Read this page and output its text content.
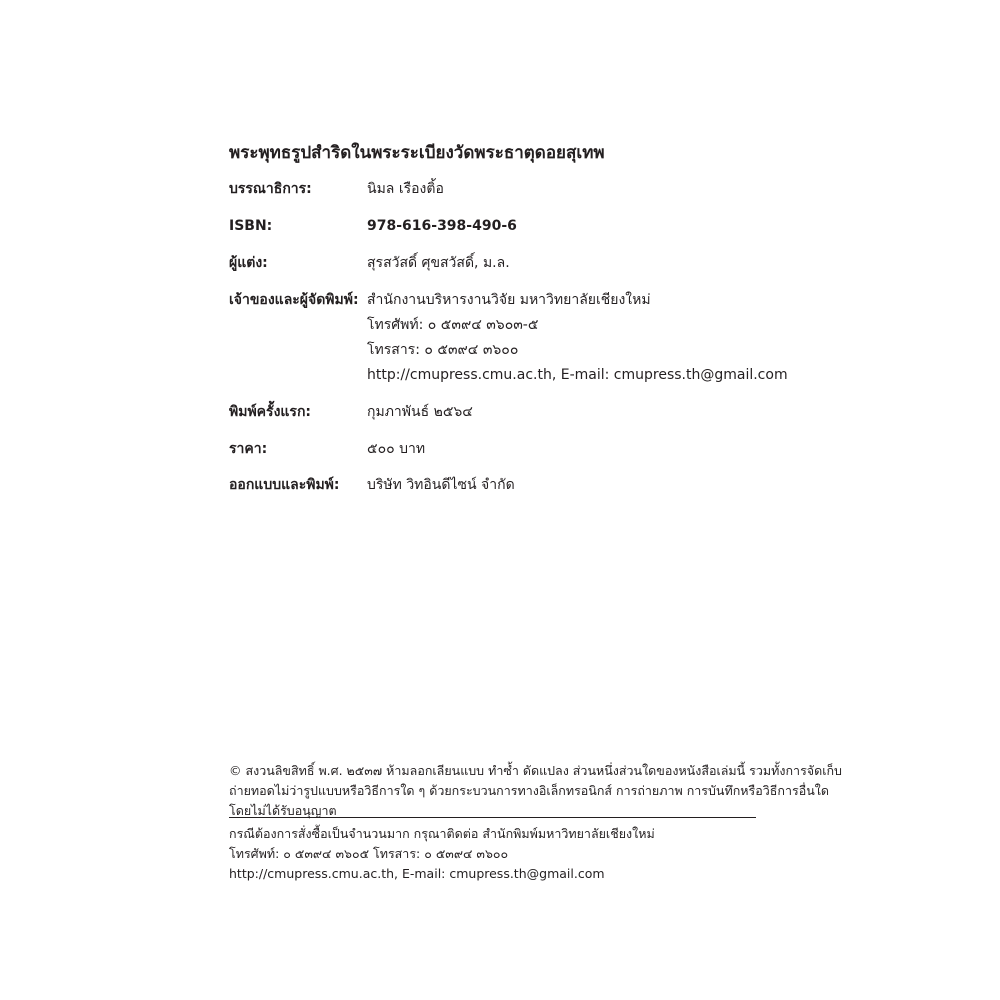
พระพุทธรูปสำริดในพระระเบียงวัดพระธาตุดอยสุเทพ
บรรณาธิการ:	นิมล เรืองติ้อ
ISBN:	978-616-398-490-6
ผู้แต่ง:	สุรสวัสดิ์ ศุขสวัสดิ์, ม.ล.
เจ้าของและผู้จัดพิมพ์: สำนักงานบริหารงานวิจัย มหาวิทยาลัยเชียงใหม่
โทรศัพท์: ๐ ๕๓๙๔ ๓๖๐๓-๕
โทรสาร: ๐ ๕๓๙๔ ๓๖๐๐
http://cmupress.cmu.ac.th, E-mail: cmupress.th@gmail.com
พิมพ์ครั้งแรก:	กุมภาพันธ์ ๒๕๖๔
ราคา:	๕๐๐ บาท
ออกแบบและพิมพ์: บริษัท วิทอินดีไซน์ จำกัด
© สงวนลิขสิทธิ์ พ.ศ. ๒๕๓๗ ห้ามลอกเลียนแบบ ทำซ้ำ ดัดแปลง ส่วนหนึ่งส่วนใดของหนังสือเล่มนี้ รวมทั้งการจัดเก็บ
ถ่ายทอดไม่ว่ารูปแบบหรือวิธีการใด ๆ ด้วยกระบวนการทางอิเล็กทรอนิกส์ การถ่ายภาพ การบันทึกหรือวิธีการอื่นใด
โดยไม่ได้รับอนุญาต
กรณีต้องการสั่งซื้อเป็นจำนวนมาก กรุณาติดต่อ สำนักพิมพ์มหาวิทยาลัยเชียงใหม่
โทรศัพท์: ๐ ๕๓๙๔ ๓๖๐๕ โทรสาร: ๐ ๕๓๙๔ ๓๖๐๐
http://cmupress.cmu.ac.th, E-mail: cmupress.th@gmail.com
